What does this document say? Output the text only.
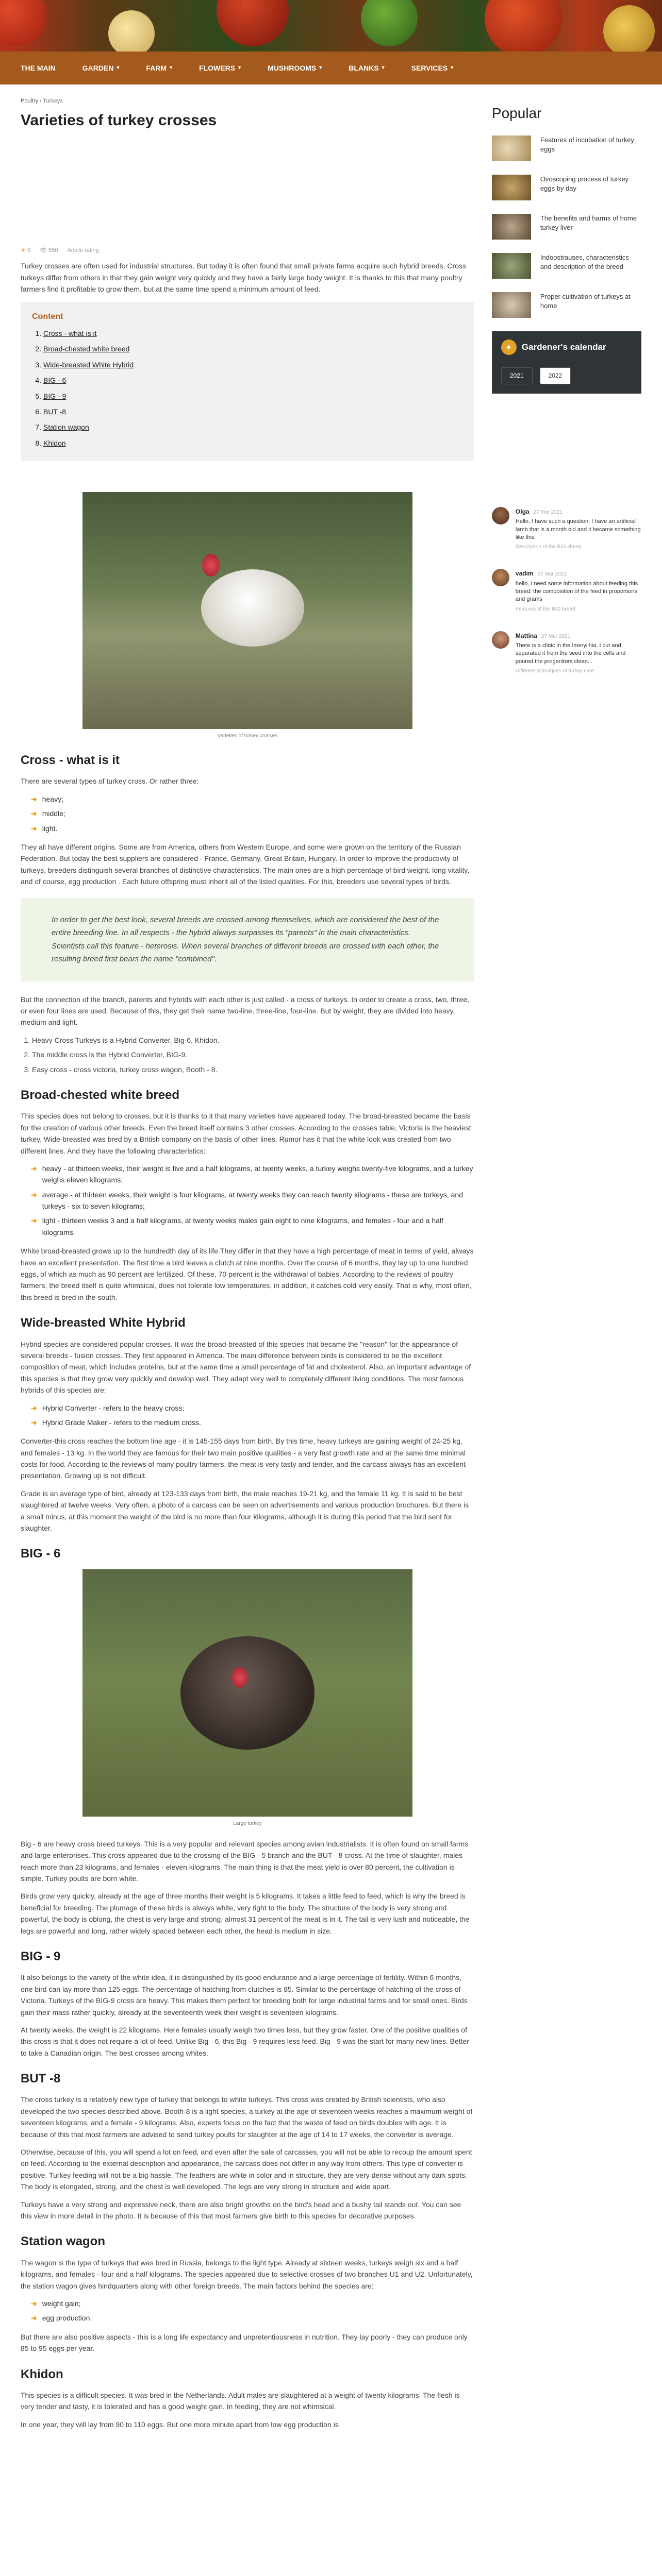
THE MAIN	GARDEN ▾	FARM ▾	FLOWERS ▾	MUSHROOMS ▾	BLANKS ▾	SERVICES ▾
Poultry / Turkeys
Varieties of turkey crosses
★ 0 👁 550 Article rating

Turkey crosses are often used for industrial structures. But today it is often found that small private farms acquire such hybrid breeds. Cross turkeys differ from others in that they gain weight very quickly and they have a fairly large body weight. It is thanks to this that many poultry farmers find it profitable to grow them, but at the same time spend a minimum amount of feed.

Content
1. Cross - what is it
2. Broad-chested white breed
3. Wide-breasted White Hybrid
4. BIG - 6
5. BIG - 9
6. BUT -8
7. Station wagon
8. Khidon
Varieties of turkey crosses
Cross - what is it

There are several types of turkey cross. Or rather three:

➜ heavy;
➜ middle;
➜ light.

They all have different origins. Some are from America, others from Western Europe, and some were grown on the territory of the Russian Federation. But today the best suppliers are considered - France, Germany, Great Britain, Hungary. In order to improve the productivity of turkeys, breeders distinguish several branches of distinctive characteristics. The main ones are a high percentage of bird weight, long vitality, and of course, egg production . Each future offspring must inherit all of the listed qualities. For this, breeders use several types of birds.

In order to get the best look, several breeds are crossed among themselves, which are considered the best of the entire breeding line. In all respects - the hybrid always surpasses its "parents" in the main characteristics. Scientists call this feature - heterosis. When several branches of different breeds are crossed with each other, the resulting breed first bears the name "combined".

But the connection of the branch, parents and hybrids with each other is just called - a cross of turkeys. In order to create a cross, two, three, or even four lines are used. Because of this, they get their name two-line, three-line, four-line. But by weight, they are divided into heavy, medium and light.

1. Heavy Cross Turkeys is a Hybrid Converter, Big-6, Khidon.
2. The middle cross is the Hybrid Converter, BIG-9.
3. Easy cross - cross victoria, turkey cross wagon, Booth - 8.
Broad-chested white breed

This species does not belong to crosses, but it is thanks to it that many varieties have appeared today. The broad-breasted became the basis for the creation of various other breeds. Even the breed itself contains 3 other crosses. According to the crosses table, Victoria is the heaviest turkey. Wide-breasted was bred by a British company on the basis of other lines. Rumor has it that the white look was created from two different lines. And they have the following characteristics:

➜ heavy - at thirteen weeks, their weight is five and a half kilograms, at twenty weeks, a turkey weighs twenty-five kilograms, and a turkey weighs eleven kilograms;
➜ average - at thirteen weeks, their weight is four kilograms, at twenty weeks they can reach twenty kilograms - these are turkeys, and turkeys - six to seven kilograms;
➜ light - thirteen weeks 3 and a half kilograms, at twenty weeks males gain eight to nine kilograms, and females - four and a half kilograms.

White broad-breasted grows up to the hundredth day of its life.They differ in that they have a high percentage of meat in terms of yield, always have an excellent presentation. The first time a bird leaves a clutch at nine months. Over the course of 6 months, they lay up to one hundred eggs, of which as much as 90 percent are fertilized. Of these, 70 percent is the withdrawal of babies. According to the reviews of poultry farmers, the breed itself is quite whimsical, does not tolerate low temperatures, in addition, it catches cold very easily. That is why, most often, this breed is bred in the south.

Wide-breasted White Hybrid

Hybrid species are considered popular crosses. It was the broad-breasted of this species that became the "reason" for the appearance of several breeds - fusion crosses. They first appeared in America. The main difference between birds is considered to be the excellent composition of meat, which includes proteins, but at the same time a small percentage of fat and cholesterol. Also, an important advantage of this species is that they grow very quickly and develop well. They adapt very well to completely different living conditions. The most famous hybrids of this species are:

➜ Hybrid Converter - refers to the heavy cross;
➜ Hybrid Grade Maker - refers to the medium cross.

Converter-this cross reaches the bottom line age - it is 145-155 days from birth. By this time, heavy turkeys are gaining weight of 24-25 kg, and females - 13 kg. In the world they are famous for their two main positive qualities - a very fast growth rate and at the same time minimal costs for food. According to the reviews of many poultry farmers, the meat is very tasty and tender, and the carcass always has an excellent presentation. Growing up is not difficult.

Grade is an average type of bird, already at 123-133 days from birth, the male reaches 19-21 kg, and the female 11 kg. It is said to be best slaughtered at twelve weeks. Very often, a photo of a carcass can be seen on advertisements and various production brochures. But there is a small minus, at this moment the weight of the bird is no more than four kilograms, although it is during this period that the bird sent for slaughter.

BIG - 6
Large turkey

Big - 6 are heavy cross breed turkeys. This is a very popular and relevant species among avian industrialists. It is often found on small farms and large enterprises. This cross appeared due to the crossing of the BIG - 5 branch and the BUT - 8 cross. At the time of slaughter, males reach more than 23 kilograms, and females - eleven kilograms. The main thing is that the meat yield is over 80 percent, the cultivation is simple. Turkey poults are born white.

Birds grow very quickly, already at the age of three months their weight is 5 kilograms. It takes a little feed to feed, which is why the breed is beneficial for breeding. The plumage of these birds is always white, very tight to the body. The structure of the body is very strong and powerful, the body is oblong, the chest is very large and strong, almost 31 percent of the meat is in it. The tail is very lush and noticeable, the legs are powerful and long, rather widely spaced between each other, the head is medium in size.

BIG - 9

It also belongs to the variety of the white idea, it is distinguished by its good endurance and a large percentage of fertility. Within 6 months, one bird can lay more than 125 eggs. The percentage of hatching from clutches is 85. Similar to the percentage of hatching of the cross of Victoria. Turkeys of the BIG-9 cross are heavy. This makes them perfect for breeding both for large industrial farms and for small ones. Birds gain their mass rather quickly, already at the seventeenth week their weight is seventeen kilograms.

At twenty weeks, the weight is 22 kilograms. Here females usually weigh two times less, but they grow faster. One of the positive qualities of this cross is that it does not require a lot of feed. Unlike Big - 6, this Big - 9 requires less feed. Big - 9 was the start for many new lines. Better to take a Canadian origin. The best crosses among whites.

BUT -8

The cross turkey is a relatively new type of turkey that belongs to white turkeys. This cross was created by British scientists, who also developed the two species described above. Booth-8 is a light species, a turkey at the age of seventeen weeks reaches a maximum weight of seventeen kilograms, and a female - 9 kilograms. Also, experts focus on the fact that the waste of feed on birds doubles with age. It is because of this that most farmers are advised to send turkey poults for slaughter at the age of 14 to 17 weeks, the converter is average.

Otherwise, because of this, you will spend a lot on feed, and even after the sale of carcasses, you will not be able to recoup the amount spent on feed. According to the external description and appearance, the carcass does not differ in any way from others. This type of converter is positive. Turkey feeding will not be a big hassle. The feathers are white in color and in structure, they are very dense without any dark spots. The body is elongated, strong, and the chest is well developed. The legs are very strong in structure and wide apart.

Turkeys have a very strong and expressive neck, there are also bright growths on the bird's head and a bushy tail stands out. You can see this view in more detail in the photo. It is because of this that most farmers give birth to this species for decorative purposes.

Station wagon

The wagon is the type of turkeys that was bred in Russia, belongs to the light type. Already at sixteen weeks, turkeys weigh six and a half kilograms, and females - four and a half kilograms. The species appeared due to selective crosses of two branches U1 and U2. Unfortunately, the station wagon gives hindquarters along with other foreign breeds. The main factors behind the species are:

➜ weight gain;
➜ egg production.

But there are also positive aspects - this is a long life expectancy and unpretentiousness in nutrition. They lay poorly - they can produce only 85 to 95 eggs per year.

Khidon

This species is a difficult species. It was bred in the Netherlands. Adult males are slaughtered at a weight of twenty kilograms. The flesh is very tender and tasty, it is tolerated and has a good weight gain. In feeding, they are not whimsical.

In one year, they will lay from 90 to 110 eggs. But one more minute apart from low egg production is

Popular
Features of incubation of turkey eggs
Ovoscoping process of turkey eggs by day
The benefits and harms of home turkey liver
Indoostrauses, characteristics and description of the breed
Proper cultivation of turkeys at home
✦	Gardener's calendar
2021	2022
Olga 27 Mar 2021
Hello, I have such a question: I have an artificial lamb that is a month old and it became something like this
Description of the BIG sheep
vadim 27 Mar 2021
hello, I need some information about feeding this breed: the composition of the feed in proportions and grams
Features of the BIG breed
Mattina 27 Mar 2021
There is a clinic in the Imeryilhia. I cut and separated it from the seed into the cells and poured the progenitors clean...
Different techniques of turkey care
